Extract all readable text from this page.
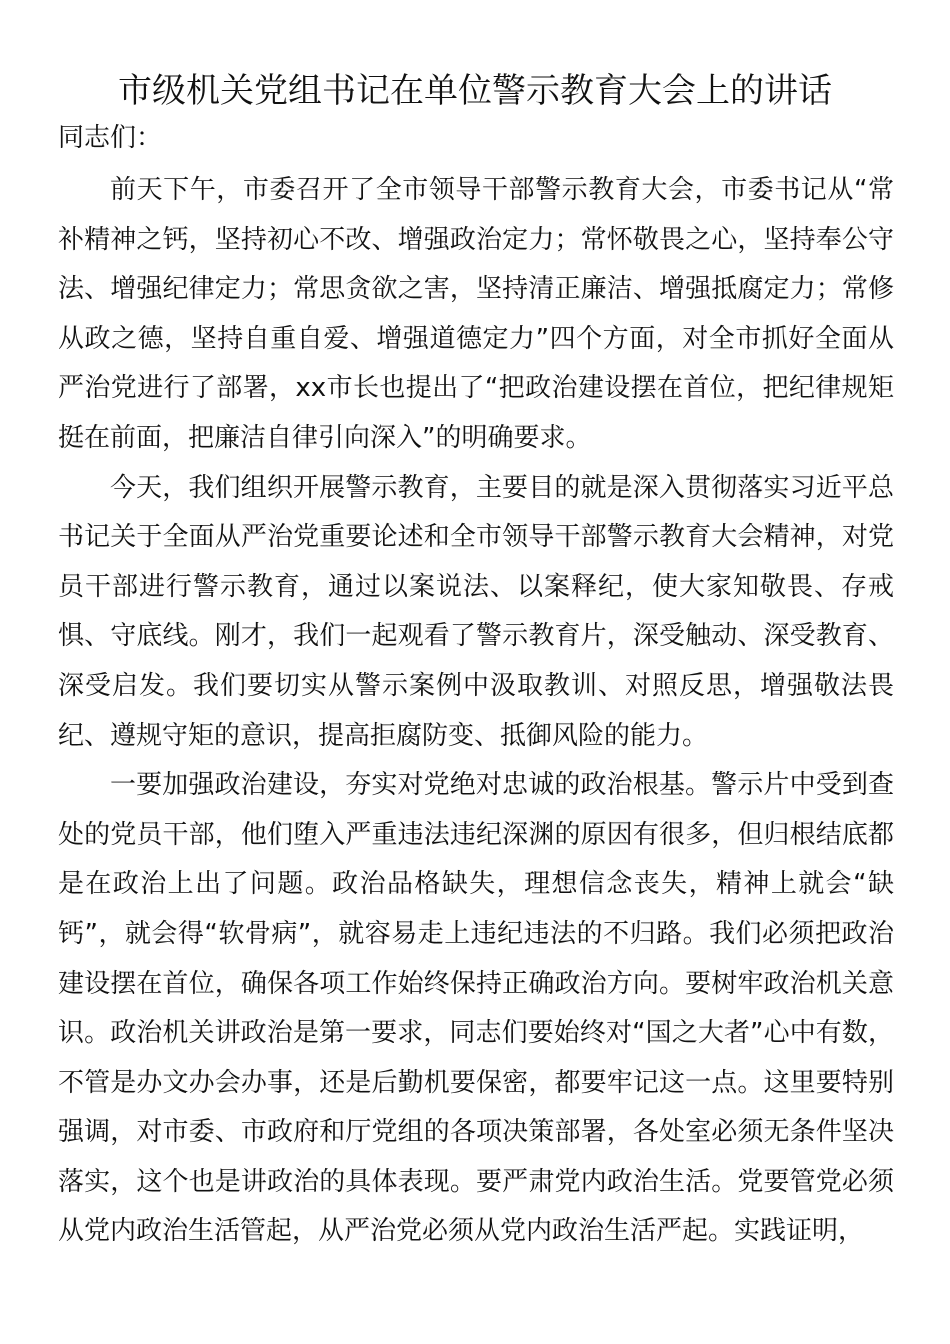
市级机关党组书记在单位警示教育大会上的讲话

同志们：

前天下午，市委召开了全市领导干部警示教育大会，市委书记从“常补精神之钙，坚持初心不改、增强政治定力；常怀敬畏之心，坚持奉公守法、增强纪律定力；常思贪欲之害，坚持清正廉洁、增强抵腐定力；常修从政之德，坚持自重自爱、增强道德定力”四个方面，对全市抓好全面从严治党进行了部署，xx市长也提出了“把政治建设摆在首位，把纪律规矩挺在前面，把廉洁自律引向深入”的明确要求。

今天，我们组织开展警示教育，主要目的就是深入贯彻落实习近平总书记关于全面从严治党重要论述和全市领导干部警示教育大会精神，对党员干部进行警示教育，通过以案说法、以案释纪，使大家知敬畏、存戒惧、守底线。刚才，我们一起观看了警示教育片，深受触动、深受教育、深受启发。我们要切实从警示案例中汲取教训、对照反思，增强敬法畏纪、遵规守矩的意识，提高拒腐防变、抵御风险的能力。

一要加强政治建设，夯实对党绝对忠诚的政治根基。警示片中受到查处的党员干部，他们堕入严重违法违纪深渊的原因有很多，但归根结底都是在政治上出了问题。政治品格缺失，理想信念丧失，精神上就会“缺钙”，就会得“软骨病”，就容易走上违纪违法的不归路。我们必须把政治建设摆在首位，确保各项工作始终保持正确政治方向。要树牢政治机关意识。政治机关讲政治是第一要求，同志们要始终对“国之大者”心中有数，不管是办文办会办事，还是后勤机要保密，都要牢记这一点。这里要特别强调，对市委、市政府和厅党组的各项决策部署，各处室必须无条件坚决落实，这个也是讲政治的具体表现。要严肃党内政治生活。党要管党必须从党内政治生活管起，从严治党必须从党内政治生活严起。实践证明，
